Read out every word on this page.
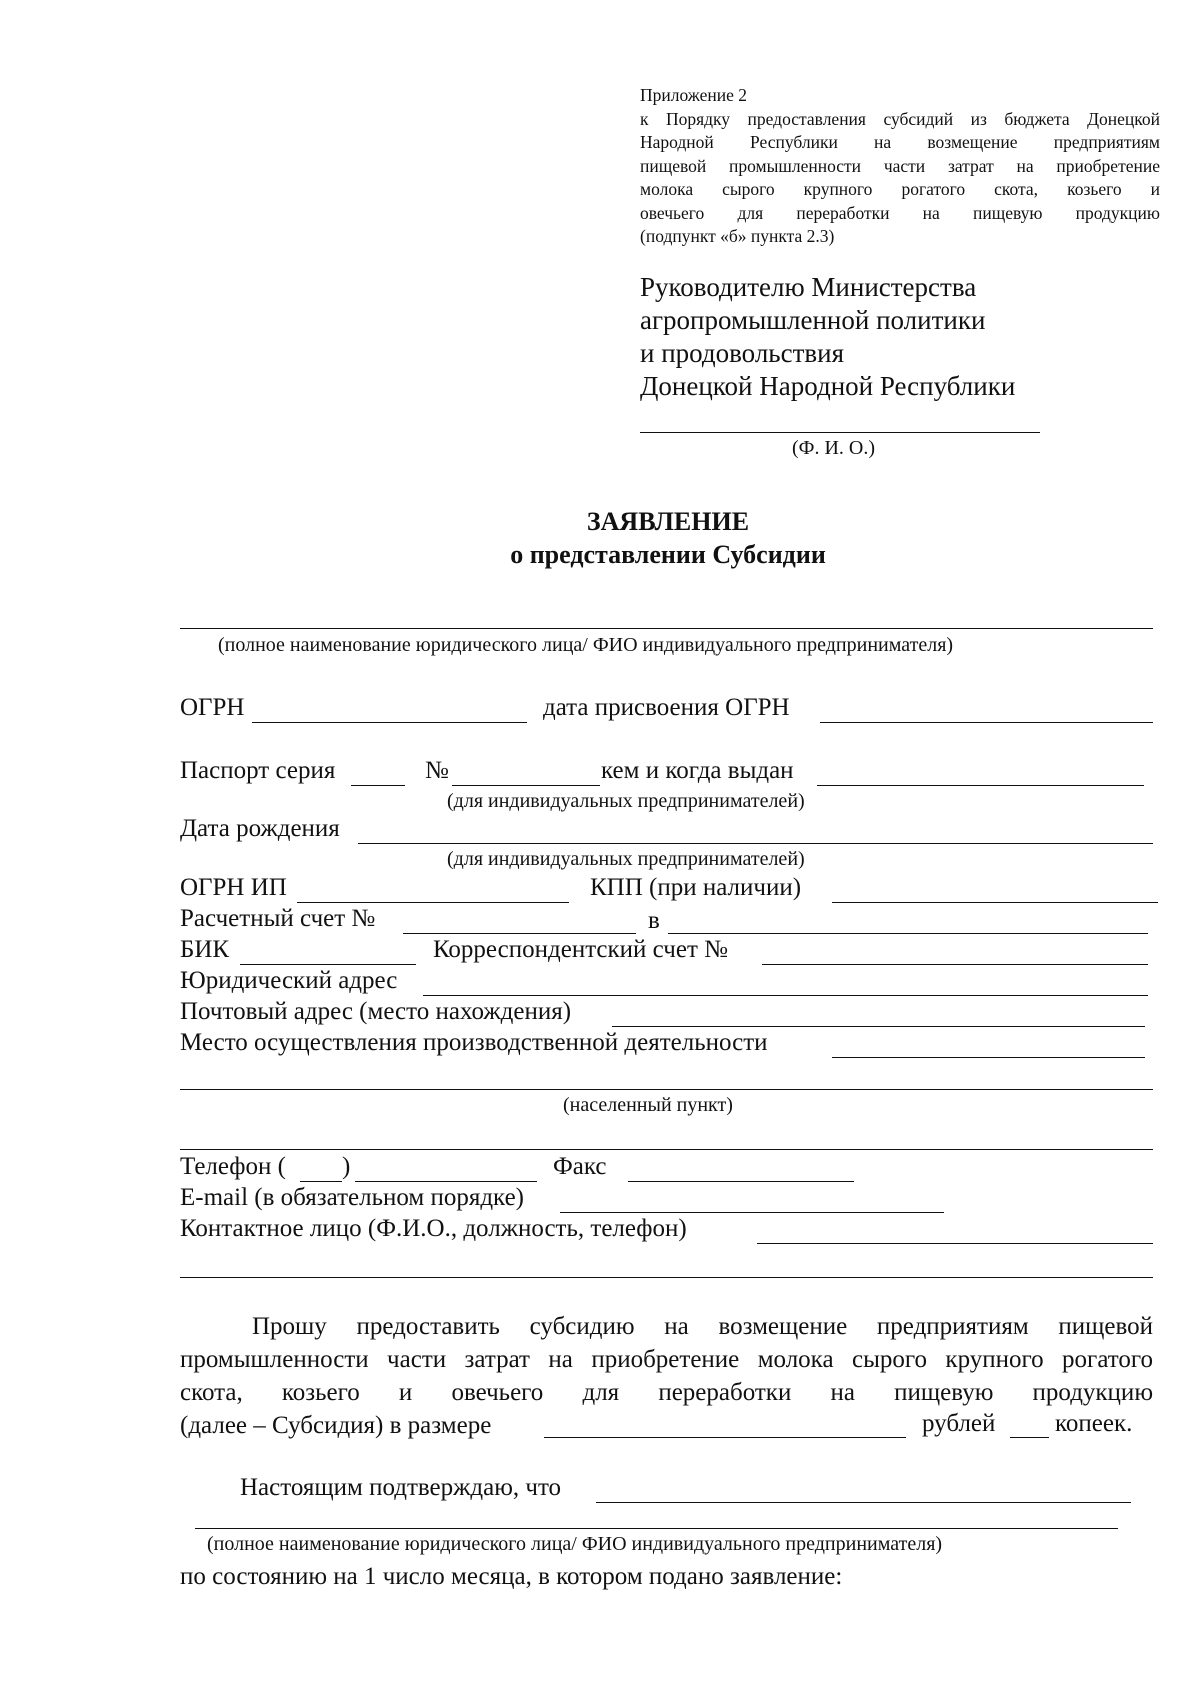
Приложение 2
к Порядку предоставления субсидий из бюджета Донецкой
Народной Республики на возмещение предприятиям
пищевой промышленности части затрат на приобретение
молока сырого крупного рогатого скота, козьего и
овечьего для переработки на пищевую продукцию
(подпункт «б» пункта 2.3)
Руководителю Министерства
агропромышленной политики
и продовольствия
Донецкой Народной Республики
(Ф. И. О.)
ЗАЯВЛЕНИЕ
о представлении Субсидии
(полное наименование юридического лица/ ФИО индивидуального предпринимателя)
ОГРН	дата присвоения ОГРН
Паспорт серия	№	кем и когда выдан
(для индивидуальных предпринимателей)
Дата рождения
(для индивидуальных предпринимателей)
ОГРН ИП	КПП (при наличии)
Расчетный счет №	в
БИК	Корреспондентский счет №
Юридический адрес
Почтовый адрес (место нахождения)
Место осуществления производственной деятельности
(населенный пункт)
Телефон ( )	Факс
E-mail (в обязательном порядке)
Контактное лицо (Ф.И.О., должность, телефон)
Прошу предоставить субсидию на возмещение предприятиям пищевой
промышленности части затрат на приобретение молока сырого крупного рогатого
скота, козьего и овечьего для переработки на пищевую продукцию
(далее – Субсидия) в размере	рублей копеек.
Настоящим подтверждаю, что
(полное наименование юридического лица/ ФИО индивидуального предпринимателя)
по состоянию на 1 число месяца, в котором подано заявление:
